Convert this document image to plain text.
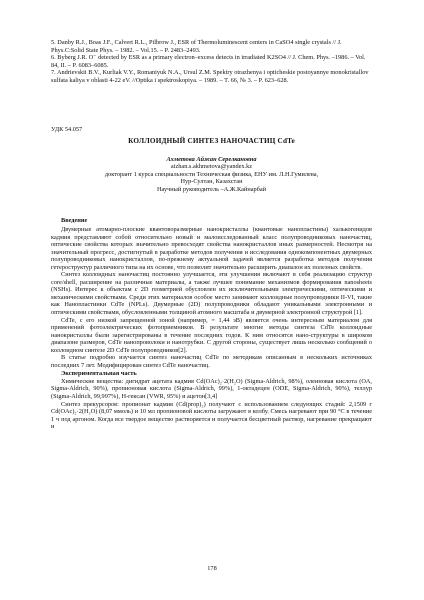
5. Danby R.J., Boas J.F., Calvert R.L., Pilbrow J., ESR of Thermoluminescent centers in CaSO4 single crystals // J. Phys.C:Solid State Phys. – 1982. – Vol.15. – P. 2483–2493.

6. Byberg J.R. O⁻ detected by ESR as a primary electron–excess detects in irradiated K2SO4 // J. Chem. Phys. –1986. – Vol. 84, II. – P. 6083–6085.

7. Andrievskii B.V., Kurliak V.Y., Romaniyuk N.A., Ursul Z.M. Spektry otrazhenya i opticheskie postoyannye monokristallov sulfata kaliya v oblasti 4-22 eV. //Optika i spektroskopiya. – 1989. – T. 66, № 3. – P. 623–628.

УДК 54.057
КОЛЛОИДНЫЙ СИНТЕЗ НАНОЧАСТИЦ CdTe
Ахметова Айжан Серелкановна
aizhan.s.akhmetova@yandex.kz
докторант 1 курса специальности Техническая физика, ЕНУ им. Л.Н.Гумилева,
Нур-Султан, Казахстан
Научный руководитель –А.Ж.Кайнарбай
Введение

Двумерные атомарно-плоские квантоворазмерные нанокристаллы (квантовые нанопластины) халькогенидов кадмия представляют собой относительно новый и малоисследованный класс полупроводниковых наночастиц, оптические свойства которых значительно превосходят свойства нанокристаллов иных размерностей. Несмотря на значительный прогресс, достигнутый в разработке методов получения и исследования однокомпонентных двумерных полупроводниковых нанокристаллов, по-прежнему актуальной задачей является разработка методов получения гетероструктур различного типа на их основе, что позволит значительно расширить диапазон их полезных свойств.

Синтез коллоидных наночастиц постоянно улучшается, эти улучшения включают в себя реализацию структур core/shell, расширение на различные материалы, а также лучшее понимание механизмов формирования nanosheets (NSHs). Интерес к объектам с 2D геометрией обусловлен их исключительными электрическими, оптическими и механическими свойствами. Среди этих материалов особое место занимают коллоидные полупроводники II-VI, такие как Нанопластинки CdTe (NPLs). Двумерные (2D) полупроводники обладают уникальными электронными и оптическими свойствами, обусловленными толщиной атомного масштаба и двумерной электронной структурой [1].

CdTe, с его низкой запрещенной зоной (например, = 1,44 эВ) является очень интересным материалом для применений фотоэлектрических фотоприемников. В результате многие методы синтеза CdTe коллоидные нанокристаллы были зарегистрированы в течение последних годов. К ним относятся нано-структуры в широком диапазоне размеров, CdTe нанопроволоки и нанотрубки. С другой стороны, существует лишь несколько сообщений о коллоидном синтезе 2D CdTe полупроводников[2].

В статье подробно изучается синтез наночастиц CdTe по методикам описанным в нескольких источниках последних 7 лет. Модифицирован синтез CdTe наночастиц.

Экспериментальная часть

Химические вещества: дигидрат ацетата кадмия Cd(OAc)₂·2(H₂O) (Sigma-Aldrich, 98%), олеиновая кислота (OA, Sigma-Aldrich, 90%), пропионовая кислота (Sigma-Aldrich, 99%), 1-октадецен (ODE, Sigma-Aldrich, 90%), теллур (Sigma-Aldrich, 99,997%), Н-гексан (VWR, 95%) и ацетон[3,4]

Синтез прекурсоров: пропионат кадмия (Cd(prop)₂) получают с использованием следующих стадий: 2,1509 г Cd(OAc)₂·2(H₂O) (8,07 ммоль) и 10 мл пропионовой кислоты загружают в колбу. Смесь нагревают при 90 °С в течение 1 ч под аргоном. Когда все твердое вещество растворяется и получается бесцветный раствор, нагревание прекращают и

178
